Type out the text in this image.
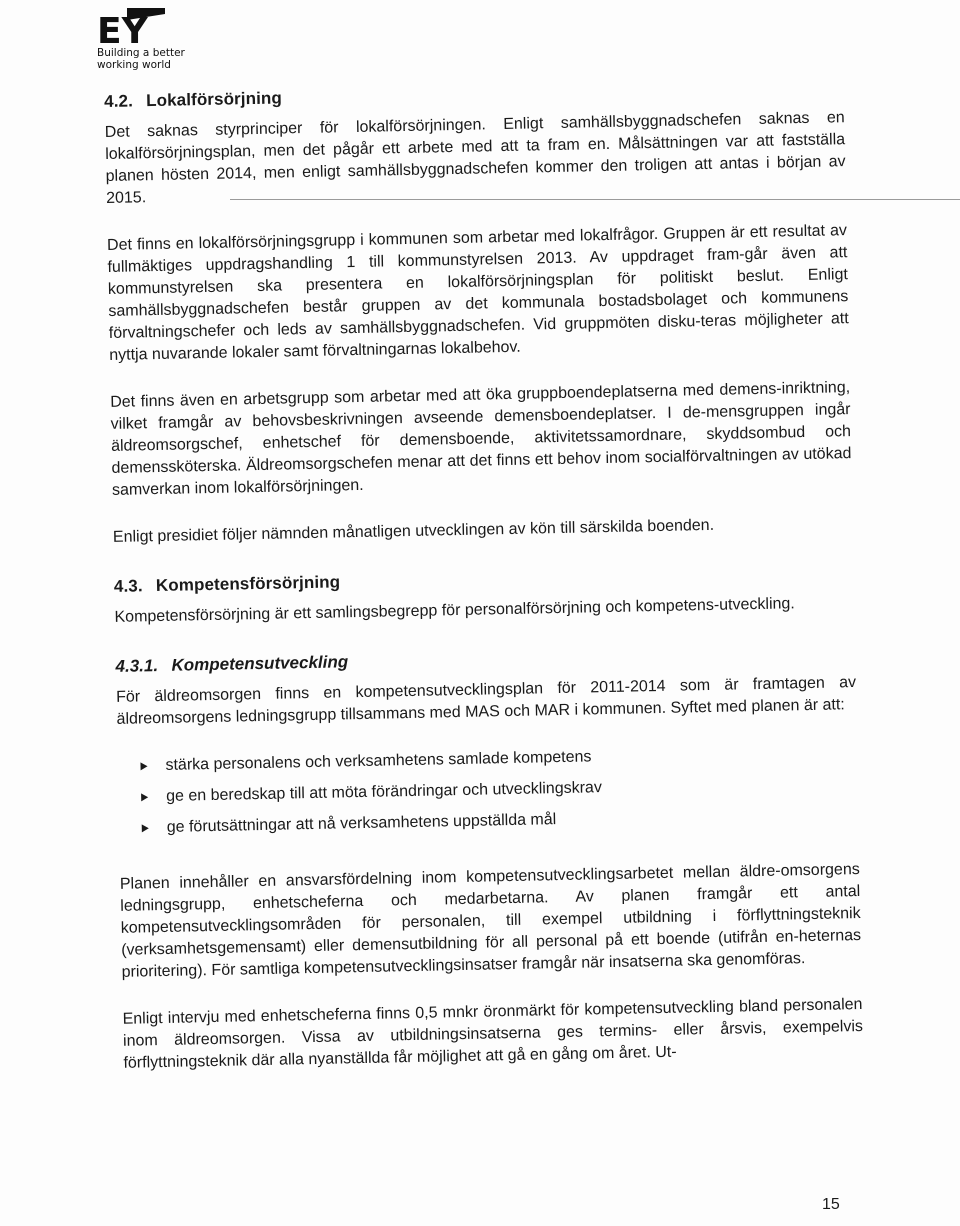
EY
Building a better
working world
4.2. Lokalförsörjning

Det saknas styrprinciper för lokalförsörjningen. Enligt samhällsbyggnadschefen saknas en lokalförsörjningsplan, men det pågår ett arbete med att ta fram en. Målsättningen var att fastställa planen hösten 2014, men enligt samhällsbyggnadschefen kommer den troligen att antas i början av 2015.

Det finns en lokalförsörjningsgrupp i kommunen som arbetar med lokalfrågor. Gruppen är ett resultat av fullmäktiges uppdragshandling 1 till kommunstyrelsen 2013. Av uppdraget fram-går även att kommunstyrelsen ska presentera en lokalförsörjningsplan för politiskt beslut. Enligt samhällsbyggnadschefen består gruppen av det kommunala bostadsbolaget och kommunens förvaltningschefer och leds av samhällsbyggnadschefen. Vid gruppmöten disku-teras möjligheter att nyttja nuvarande lokaler samt förvaltningarnas lokalbehov.

Det finns även en arbetsgrupp som arbetar med att öka gruppboendeplatserna med demens-inriktning, vilket framgår av behovsbeskrivningen avseende demensboendeplatser. I de-mensgruppen ingår äldreomsorgschef, enhetschef för demensboende, aktivitetssamordnare, skyddsombud och demenssköterska. Äldreomsorgschefen menar att det finns ett behov inom socialförvaltningen av utökad samverkan inom lokalförsörjningen.

Enligt presidiet följer nämnden månatligen utvecklingen av kön till särskilda boenden.

4.3. Kompetensförsörjning

Kompetensförsörjning är ett samlingsbegrepp för personalförsörjning och kompetens-utveckling.

4.3.1. Kompetensutveckling

För äldreomsorgen finns en kompetensutvecklingsplan för 2011-2014 som är framtagen av äldreomsorgens ledningsgrupp tillsammans med MAS och MAR i kommunen. Syftet med planen är att:

stärka personalens och verksamhetens samlade kompetens
ge en beredskap till att möta förändringar och utvecklingskrav
ge förutsättningar att nå verksamhetens uppställda mål

Planen innehåller en ansvarsfördelning inom kompetensutvecklingsarbetet mellan äldre-omsorgens ledningsgrupp, enhetscheferna och medarbetarna. Av planen framgår ett antal kompetensutvecklingsområden för personalen, till exempel utbildning i förflyttningsteknik (verksamhetsgemensamt) eller demensutbildning för all personal på ett boende (utifrån en-heternas prioritering). För samtliga kompetensutvecklingsinsatser framgår när insatserna ska genomföras.

Enligt intervju med enhetscheferna finns 0,5 mnkr öronmärkt för kompetensutveckling bland personalen inom äldreomsorgen. Vissa av utbildningsinsatserna ges termins- eller årsvis, exempelvis förflyttningsteknik där alla nyanställda får möjlighet att gå en gång om året. Ut-

15
